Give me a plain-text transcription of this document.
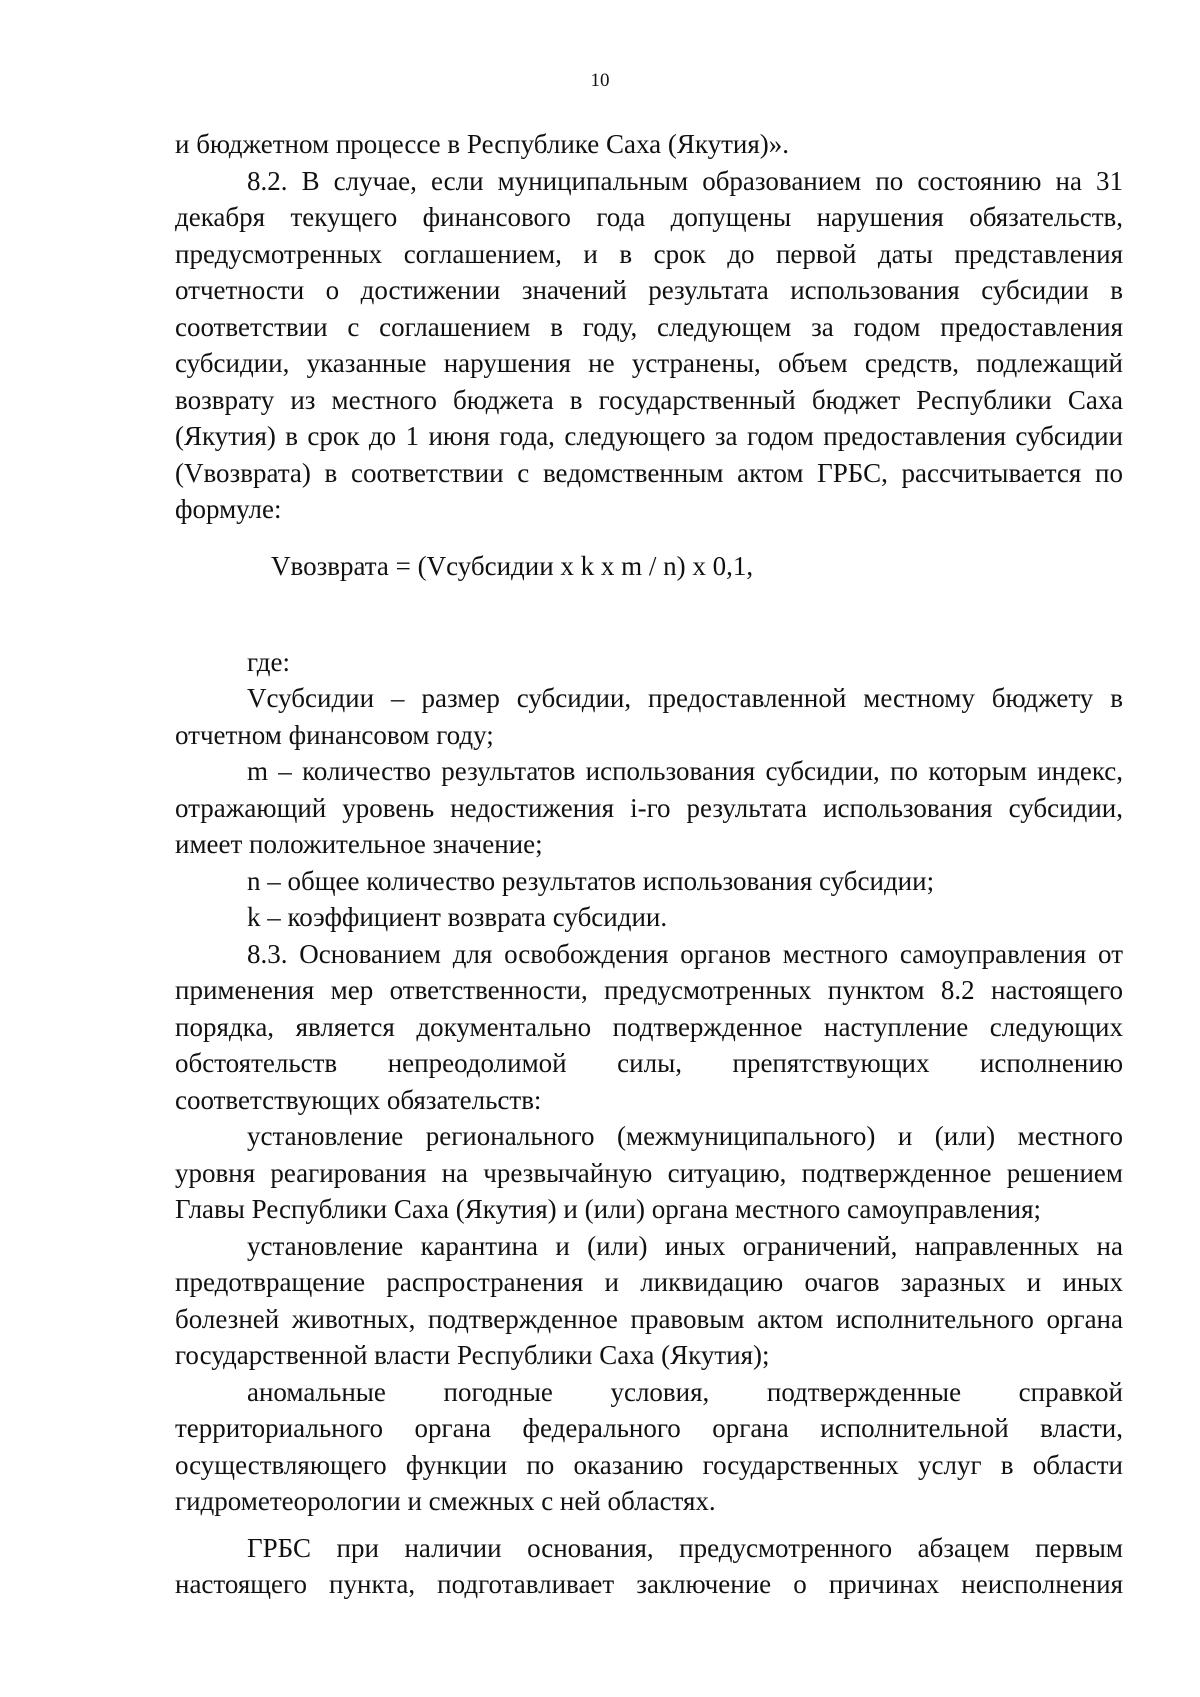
10

и бюджетном процессе в Республике Саха (Якутия)».

8.2. В случае, если муниципальным образованием по состоянию на 31 декабря текущего финансового года допущены нарушения обязательств, предусмотренных соглашением, и в срок до первой даты представления отчетности о достижении значений результата использования субсидии в соответствии с соглашением в году, следующем за годом предоставления субсидии, указанные нарушения не устранены, объем средств, подлежащий возврату из местного бюджета в государственный бюджет Республики Саха (Якутия) в срок до 1 июня года, следующего за годом предоставления субсидии (Vвозврата) в соответствии с ведомственным актом ГРБС, рассчитывается по формуле:

Vвозврата = (Vсубсидии x k x m / n) x 0,1,

где:

Vсубсидии – размер субсидии, предоставленной местному бюджету в отчетном финансовом году;

m – количество результатов использования субсидии, по которым индекс, отражающий уровень недостижения i-го результата использования субсидии, имеет положительное значение;

n – общее количество результатов использования субсидии;

k – коэффициент возврата субсидии.

8.3. Основанием для освобождения органов местного самоуправления от применения мер ответственности, предусмотренных пунктом 8.2 настоящего порядка, является документально подтвержденное наступление следующих обстоятельств непреодолимой силы, препятствующих исполнению соответствующих обязательств:

установление регионального (межмуниципального) и (или) местного уровня реагирования на чрезвычайную ситуацию, подтвержденное решением Главы Республики Саха (Якутия) и (или) органа местного самоуправления;

установление карантина и (или) иных ограничений, направленных на предотвращение распространения и ликвидацию очагов заразных и иных болезней животных, подтвержденное правовым актом исполнительного органа государственной власти Республики Саха (Якутия);

аномальные погодные условия, подтвержденные справкой территориального органа федерального органа исполнительной власти, осуществляющего функции по оказанию государственных услуг в области гидрометеорологии и смежных с ней областях.

ГРБС при наличии основания, предусмотренного абзацем первым настоящего пункта, подготавливает заключение о причинах неисполнения
